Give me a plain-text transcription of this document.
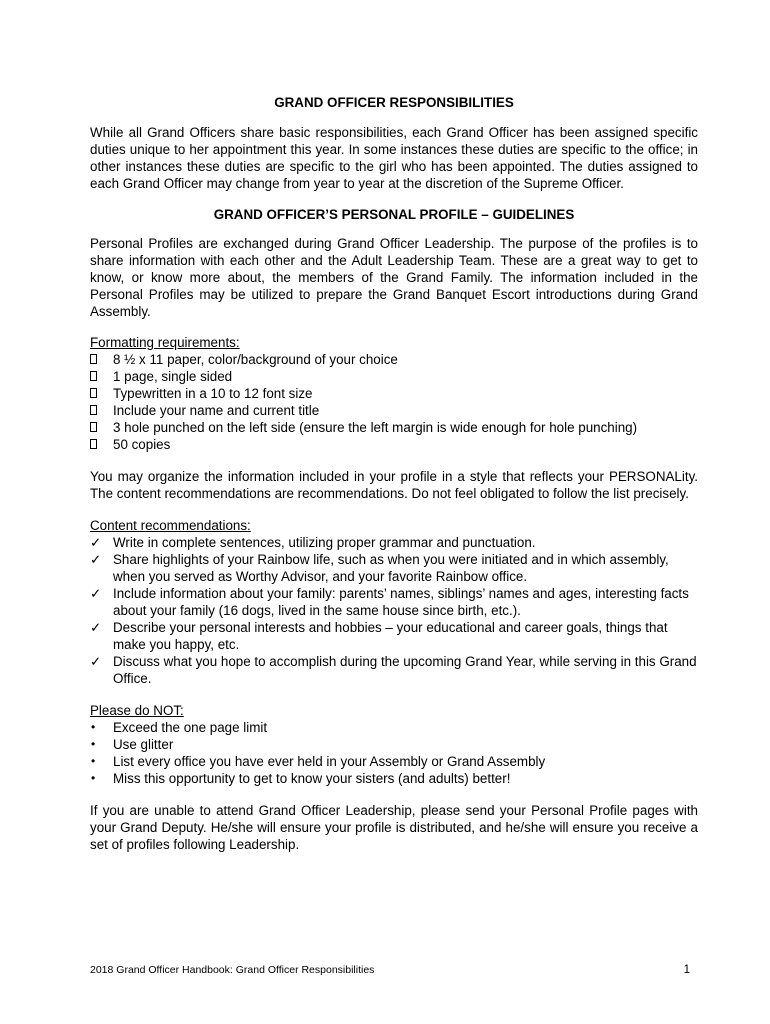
GRAND OFFICER RESPONSIBILITIES

While all Grand Officers share basic responsibilities, each Grand Officer has been assigned specific duties unique to her appointment this year. In some instances these duties are specific to the office; in other instances these duties are specific to the girl who has been appointed. The duties assigned to each Grand Officer may change from year to year at the discretion of the Supreme Officer.

GRAND OFFICER’S PERSONAL PROFILE – GUIDELINES

Personal Profiles are exchanged during Grand Officer Leadership. The purpose of the profiles is to share information with each other and the Adult Leadership Team. These are a great way to get to know, or know more about, the members of the Grand Family. The information included in the Personal Profiles may be utilized to prepare the Grand Banquet Escort introductions during Grand Assembly.

Formatting requirements:
8 ½ x 11 paper, color/background of your choice
1 page, single sided
Typewritten in a 10 to 12 font size
Include your name and current title
3 hole punched on the left side (ensure the left margin is wide enough for hole punching)
50 copies

You may organize the information included in your profile in a style that reflects your PERSONALity. The content recommendations are recommendations. Do not feel obligated to follow the list precisely.

Content recommendations:
✓ Write in complete sentences, utilizing proper grammar and punctuation.
✓ Share highlights of your Rainbow life, such as when you were initiated and in which assembly, when you served as Worthy Advisor, and your favorite Rainbow office.
✓ Include information about your family: parents’ names, siblings’ names and ages, interesting facts about your family (16 dogs, lived in the same house since birth, etc.).
✓ Describe your personal interests and hobbies – your educational and career goals, things that make you happy, etc.
✓ Discuss what you hope to accomplish during the upcoming Grand Year, while serving in this Grand Office.
Please do NOT:
•	Exceed the one page limit
•	Use glitter
•	List every office you have ever held in your Assembly or Grand Assembly
•	Miss this opportunity to get to know your sisters (and adults) better!

If you are unable to attend Grand Officer Leadership, please send your Personal Profile pages with your Grand Deputy. He/she will ensure your profile is distributed, and he/she will ensure you receive a set of profiles following Leadership.

2018 Grand Officer Handbook: Grand Officer Responsibilities	1
